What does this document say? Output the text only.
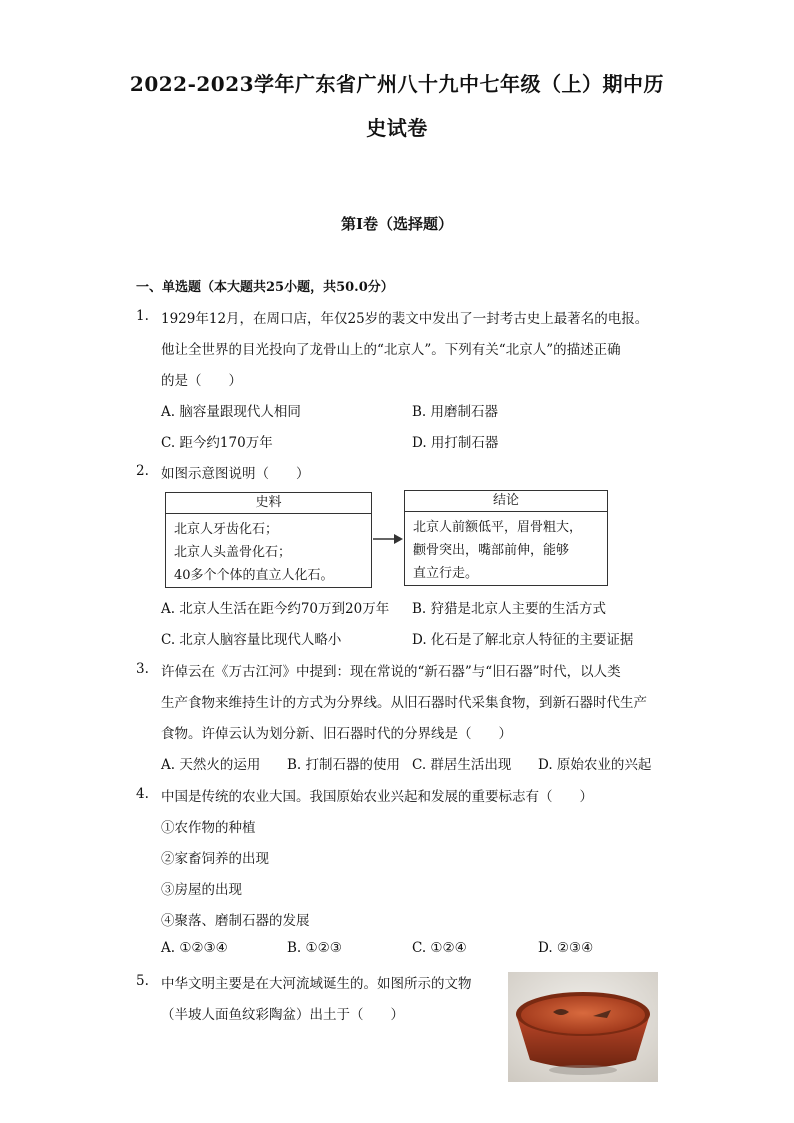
2022-2023学年广东省广州八十九中七年级（上）期中历
史试卷
第I卷（选择题）
一、单选题（本大题共25小题，共50.0分）
1. 1929年12月，在周口店，年仅25岁的裴文中发出了一封考古史上最著名的电报。
他让全世界的目光投向了龙骨山上的“北京人”。下列有关“北京人”的描述正确
的是（　　）
A. 脑容量跟现代人相同	B. 用磨制石器
C. 距今约170万年	D. 用打制石器
2. 如图示意图说明（　　）
史料
北京人牙齿化石；
北京人头盖骨化石；
40多个个体的直立人化石。
结论
北京人前额低平，眉骨粗大，
颧骨突出，嘴部前伸，能够
直立行走。
A. 北京人生活在距今约70万到20万年 B. 狩猎是北京人主要的生活方式
C. 北京人脑容量比现代人略小	D. 化石是了解北京人特征的主要证据
3. 许倬云在《万古江河》中提到：现在常说的“新石器”与“旧石器”时代，以人类
生产食物来维持生计的方式为分界线。从旧石器时代采集食物，到新石器时代生产
食物。许倬云认为划分新、旧石器时代的分界线是（　　）
A. 天然火的运用 B. 打制石器的使用 C. 群居生活出现 D. 原始农业的兴起
4. 中国是传统的农业大国。我国原始农业兴起和发展的重要标志有（　　）
①农作物的种植
②家畜饲养的出现
③房屋的出现
④聚落、磨制石器的发展
A. ①②③④	B. ①②③	C. ①②④	D. ②③④
5. 中华文明主要是在大河流域诞生的。如图所示的文物
（半坡人面鱼纹彩陶盆）出土于（　　）
